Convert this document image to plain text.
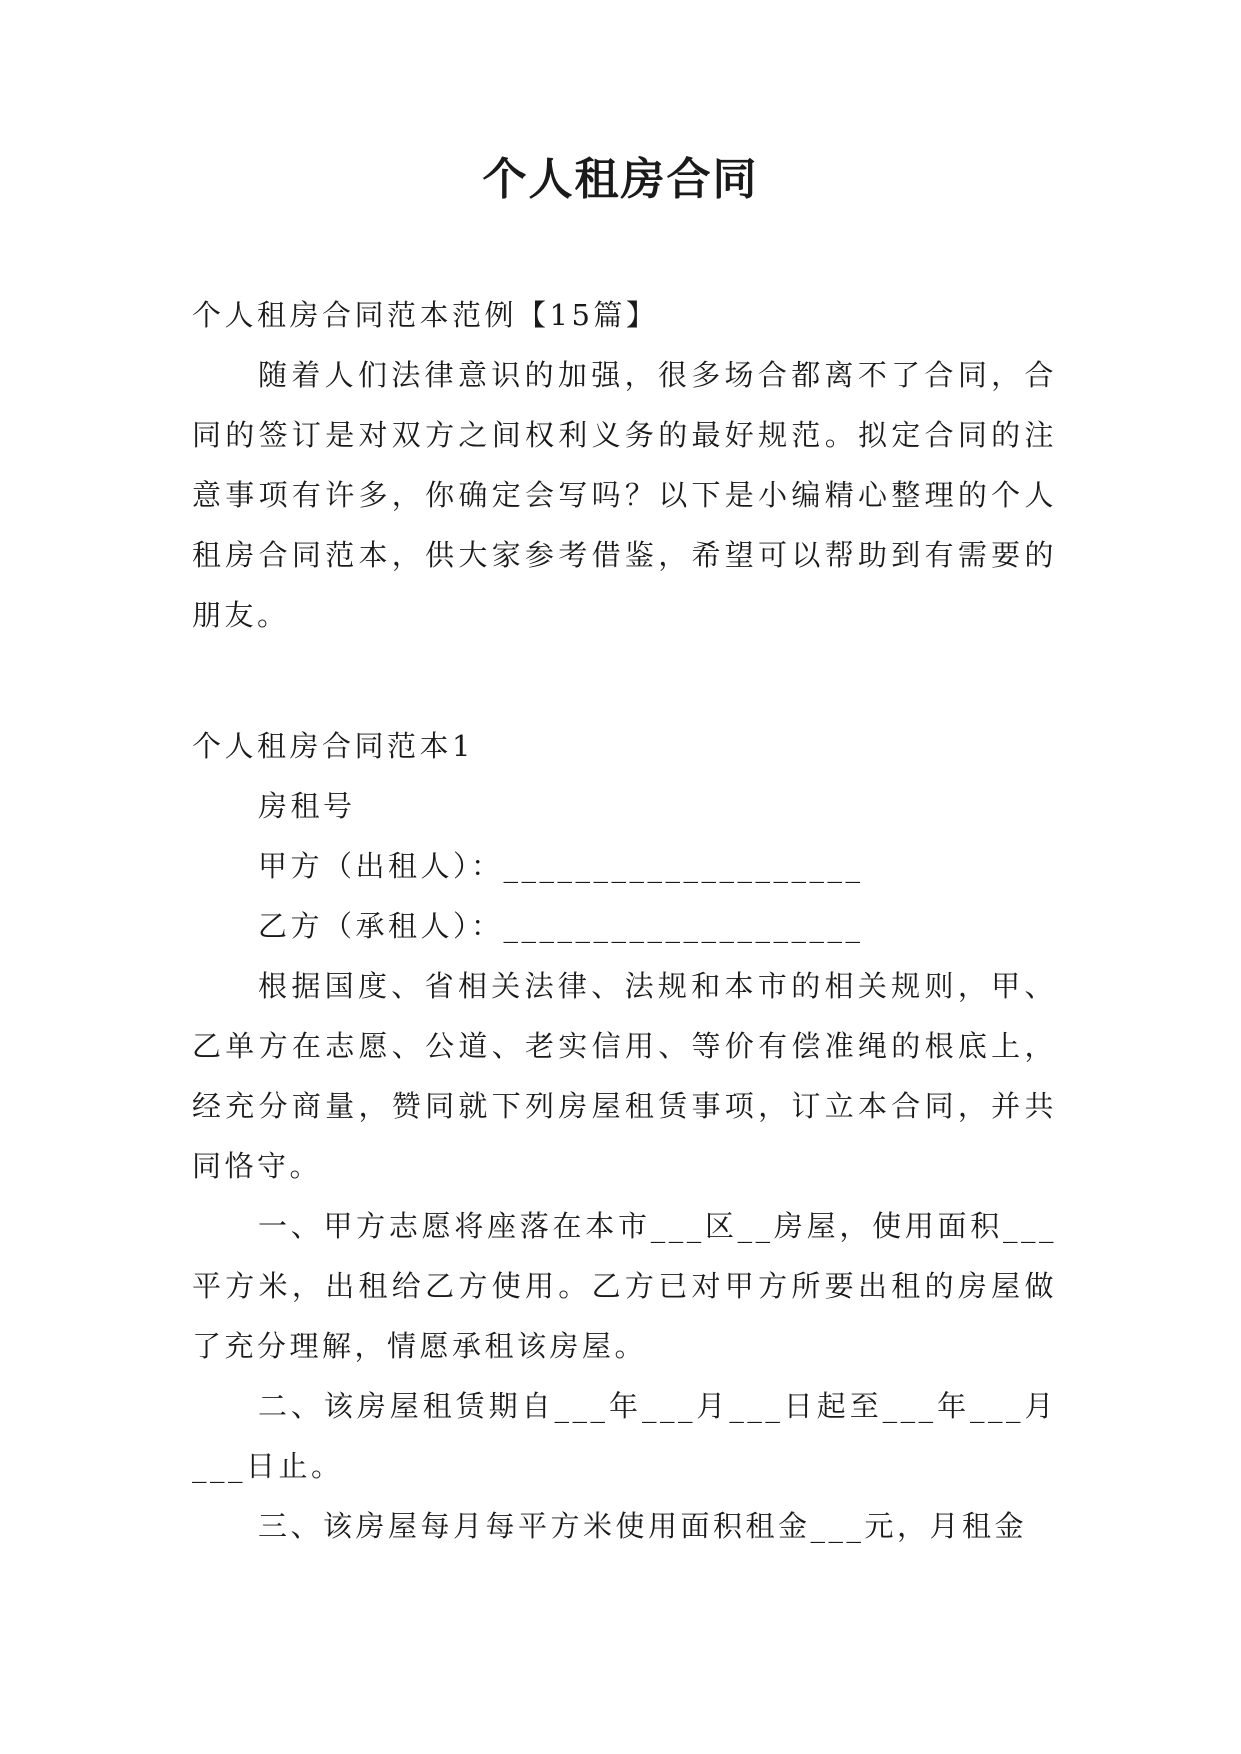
个人租房合同

个人租房合同范本范例【15篇】

随着人们法律意识的加强，很多场合都离不了合同，合同的签订是对双方之间权利义务的最好规范。拟定合同的注意事项有许多，你确定会写吗？以下是小编精心整理的个人租房合同范本，供大家参考借鉴，希望可以帮助到有需要的朋友。

个人租房合同范本1

房租号

甲方（出租人）：____________________

乙方（承租人）：____________________

根据国度、省相关法律、法规和本市的相关规则，甲、乙单方在志愿、公道、老实信用、等价有偿准绳的根底上，经充分商量，赞同就下列房屋租赁事项，订立本合同，并共同恪守。

一、甲方志愿将座落在本市___区__房屋，使用面积___平方米，出租给乙方使用。乙方已对甲方所要出租的房屋做了充分理解，情愿承租该房屋。

二、该房屋租赁期自___年___月___日起至___年___月___日止。

三、该房屋每月每平方米使用面积租金___元，月租金
